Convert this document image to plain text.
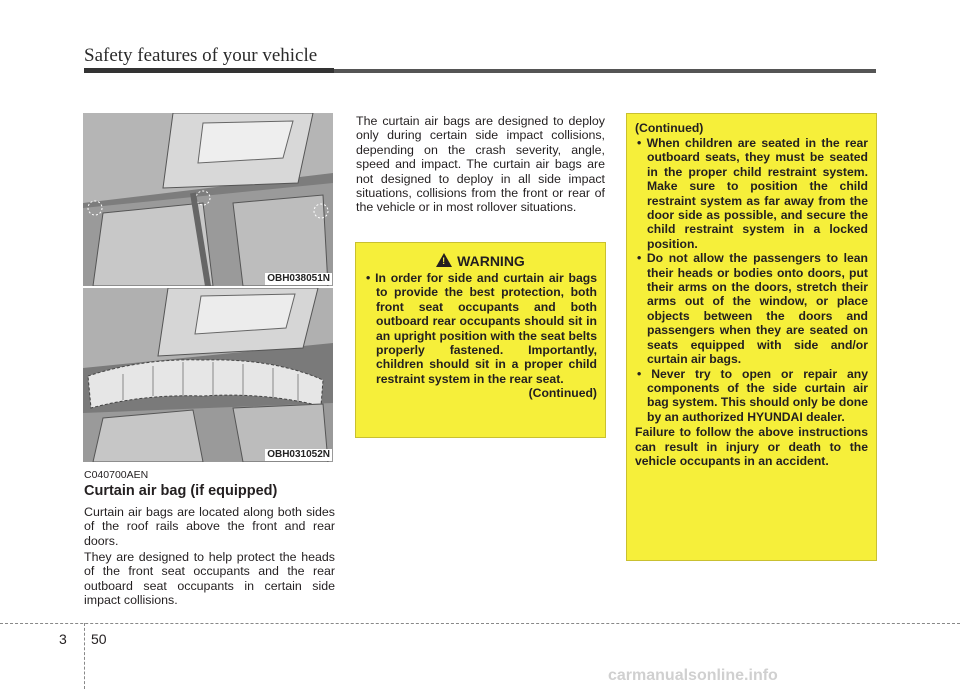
Safety features of your vehicle
OBH038051N
OBH031052N
C040700AEN
Curtain air bag (if equipped)
Curtain air bags are located along both sides of the roof rails above the front and rear doors.
They are designed to help protect the heads of the front seat occupants and the rear outboard seat occupants in certain side impact collisions.
The curtain air bags are designed to deploy only during certain side impact collisions, depending on the crash severity, angle, speed and impact. The curtain air bags are not designed to deploy in all side impact situations, collisions from the front or rear of the vehicle or in most rollover situations.
! WARNING
• In order for side and curtain air bags to provide the best protection, both front seat occupants and both outboard rear occupants should sit in an upright position with the seat belts properly fastened. Importantly, children should sit in a proper child restraint system in the rear seat.
(Continued)
(Continued)
• When children are seated in the rear outboard seats, they must be seated in the proper child restraint system. Make sure to position the child restraint system as far away from the door side as possible, and secure the child restraint system in a locked position.
• Do not allow the passengers to lean their heads or bodies onto doors, put their arms on the doors, stretch their arms out of the window, or place objects between the doors and passengers when they are seated on seats equipped with side and/or curtain air bags.
• Never try to open or repair any components of the side curtain air bag system. This should only be done by an authorized HYUNDAI dealer.
Failure to follow the above instructions can result in injury or death to the vehicle occupants in an accident.
3 50
carmanualsonline.info
